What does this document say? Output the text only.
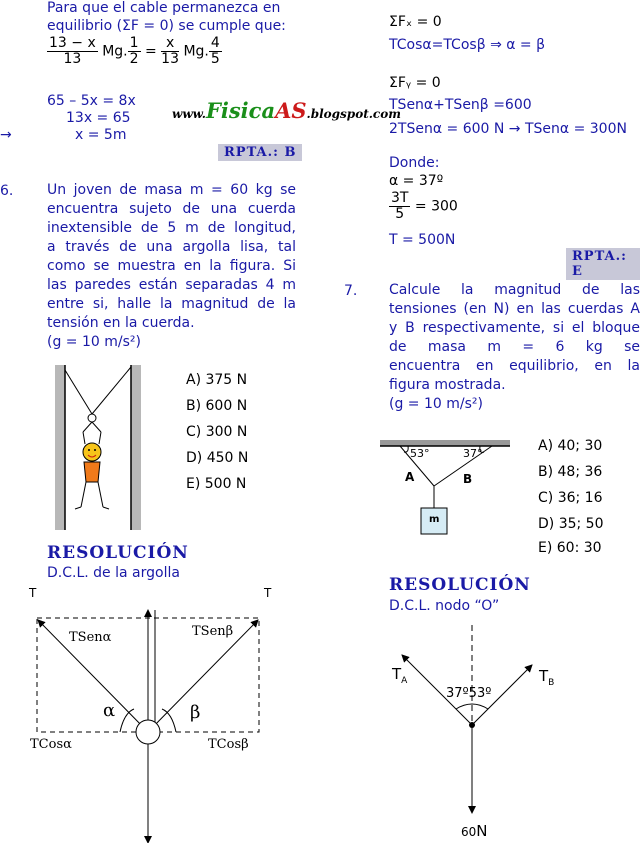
Para que el cable permanezca en
equilibrio (ΣF = 0) se cumple que:
$\frac{13 - x}{13} Mg$. $\frac{1}{2} = \frac{x}{13} Mg$. $\frac{4}{5}$
65 – 5x = 8x
13x = 65
→	x = 5m
www.FisicaAS.blogspot.com
RPTA.: B
6. Un joven de masa m = 60 kg se
encuentra sujeto de una cuerda
inextensible de 5 m de longitud,
a través de una argolla lisa, tal
como se muestra en la figura. Si
las paredes están separadas 4 m
entre si, halle la magnitud de la
tensión en la cuerda.
(g = 10 m/s²)
A) 375 N
B) 600 N
C) 300 N
D) 450 N
E) 500 N
RESOLUCIÓN
D.C.L. de la argolla
T	T
TSenα	TSenβ
α	β
TCosα	TCosβ
ΣFₓ = 0
TCosα=TCosβ ⇒ α = β
ΣFᵧ = 0
TSenα+TSenβ =600
2TSenα = 600 N → TSenα = 300N
Donde:
α = 37º
$\frac{3T}{5} = 300$
T = 500N
RPTA.: E
7. Calcule la magnitud de las
tensiones (en N) en las cuerdas A
y B respectivamente, si el bloque
de masa m = 6 kg se
encuentra en equilibrio, en la
figura mostrada.
(g = 10 m/s²)
53°	37°
A	B
m
A) 40; 30
B) 48; 36
C) 36; 16
D) 35; 50
E) 60: 30
RESOLUCIÓN
D.C.L. nodo “O”
$T_A$	$T_B$
37º53º
60N
